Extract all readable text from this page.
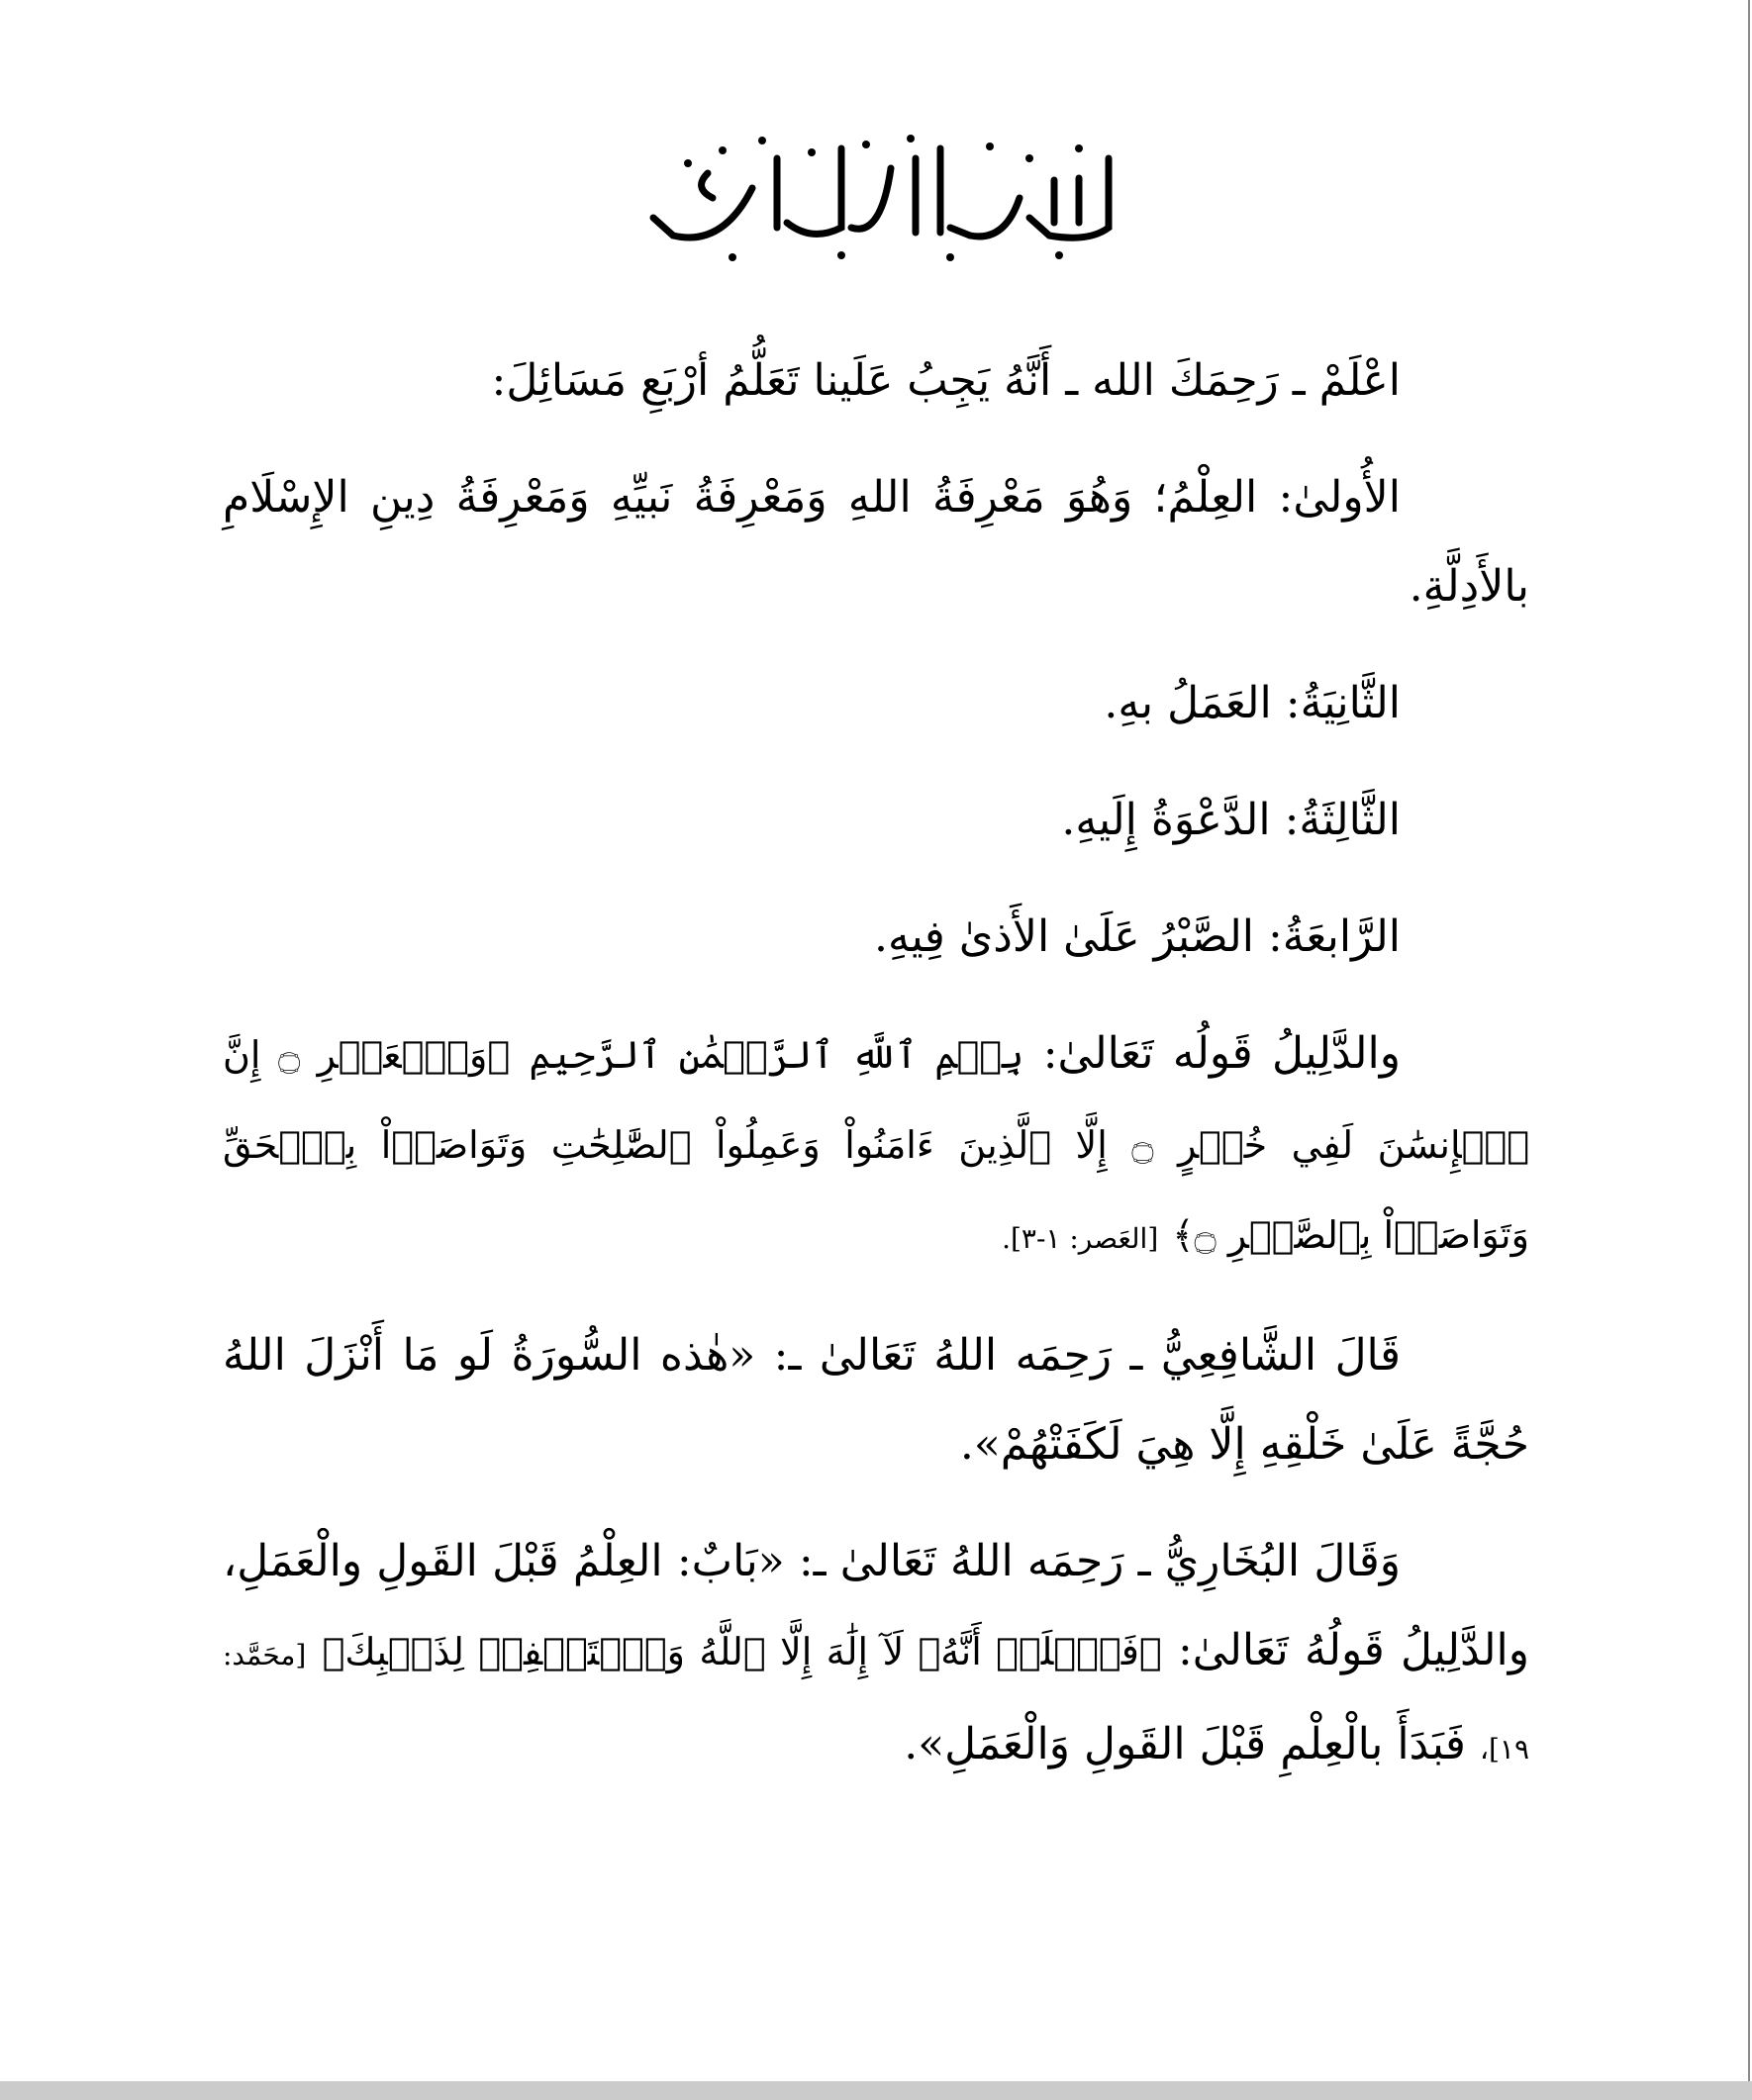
اعْلَمْ ـ رَحِمَكَ الله ـ أَنَّهُ يَجِبُ عَلَينا تَعَلُّمُ أرْبَعِ مَسَائِلَ:

الأُولىٰ: العِلْمُ؛ وَهُوَ مَعْرِفَةُ اللهِ وَمَعْرِفَةُ نَبيِّهِ وَمَعْرِفَةُ دِينِ الإِسْلَامِ بالأَدِلَّةِ.

الثَّانِيَةُ: العَمَلُ بهِ.

الثَّالِثَةُ: الدَّعْوَةُ إِلَيهِ.

الرَّابعَةُ: الصَّبْرُ عَلَىٰ الأَذىٰ فِيهِ.

والدَّلِيلُ قَولُه تَعَالىٰ: بِسۡمِ ٱللَّهِ ٱلرَّحۡمَٰنِ ٱلرَّحِيمِ ﴿وَٱلۡعَصۡرِ ۝ إِنَّ ٱلۡإِنسَٰنَ لَفِي خُسۡرٍ ۝ إِلَّا ٱلَّذِينَ ءَامَنُواْ وَعَمِلُواْ ٱلصَّٰلِحَٰتِ وَتَوَاصَوۡاْ بِٱلۡحَقِّ وَتَوَاصَوۡاْ بِٱلصَّبۡرِ ۝﴾ [العَصر: ١-٣].

قَالَ الشَّافِعِيُّ ـ رَحِمَه اللهُ تَعَالىٰ ـ: «هٰذه السُّورَةُ لَو مَا أَنْزَلَ اللهُ حُجَّةً عَلَىٰ خَلْقِهِ إِلَّا هِيَ لَكَفَتْهُمْ».

وَقَالَ البُخَارِيُّ ـ رَحِمَه اللهُ تَعَالىٰ ـ: «بَابٌ: العِلْمُ قَبْلَ القَولِ والْعَمَلِ، والدَّلِيلُ قَولُهُ تَعَالىٰ: ﴿فَٱعۡلَمۡ أَنَّهُۥ لَآ إِلَٰهَ إِلَّا ٱللَّهُ وَٱسۡتَغۡفِرۡ لِذَنۢبِكَ﴾ [محَمَّد: ١٩]، فَبَدَأَ بالْعِلْمِ قَبْلَ القَولِ وَالْعَمَلِ».
